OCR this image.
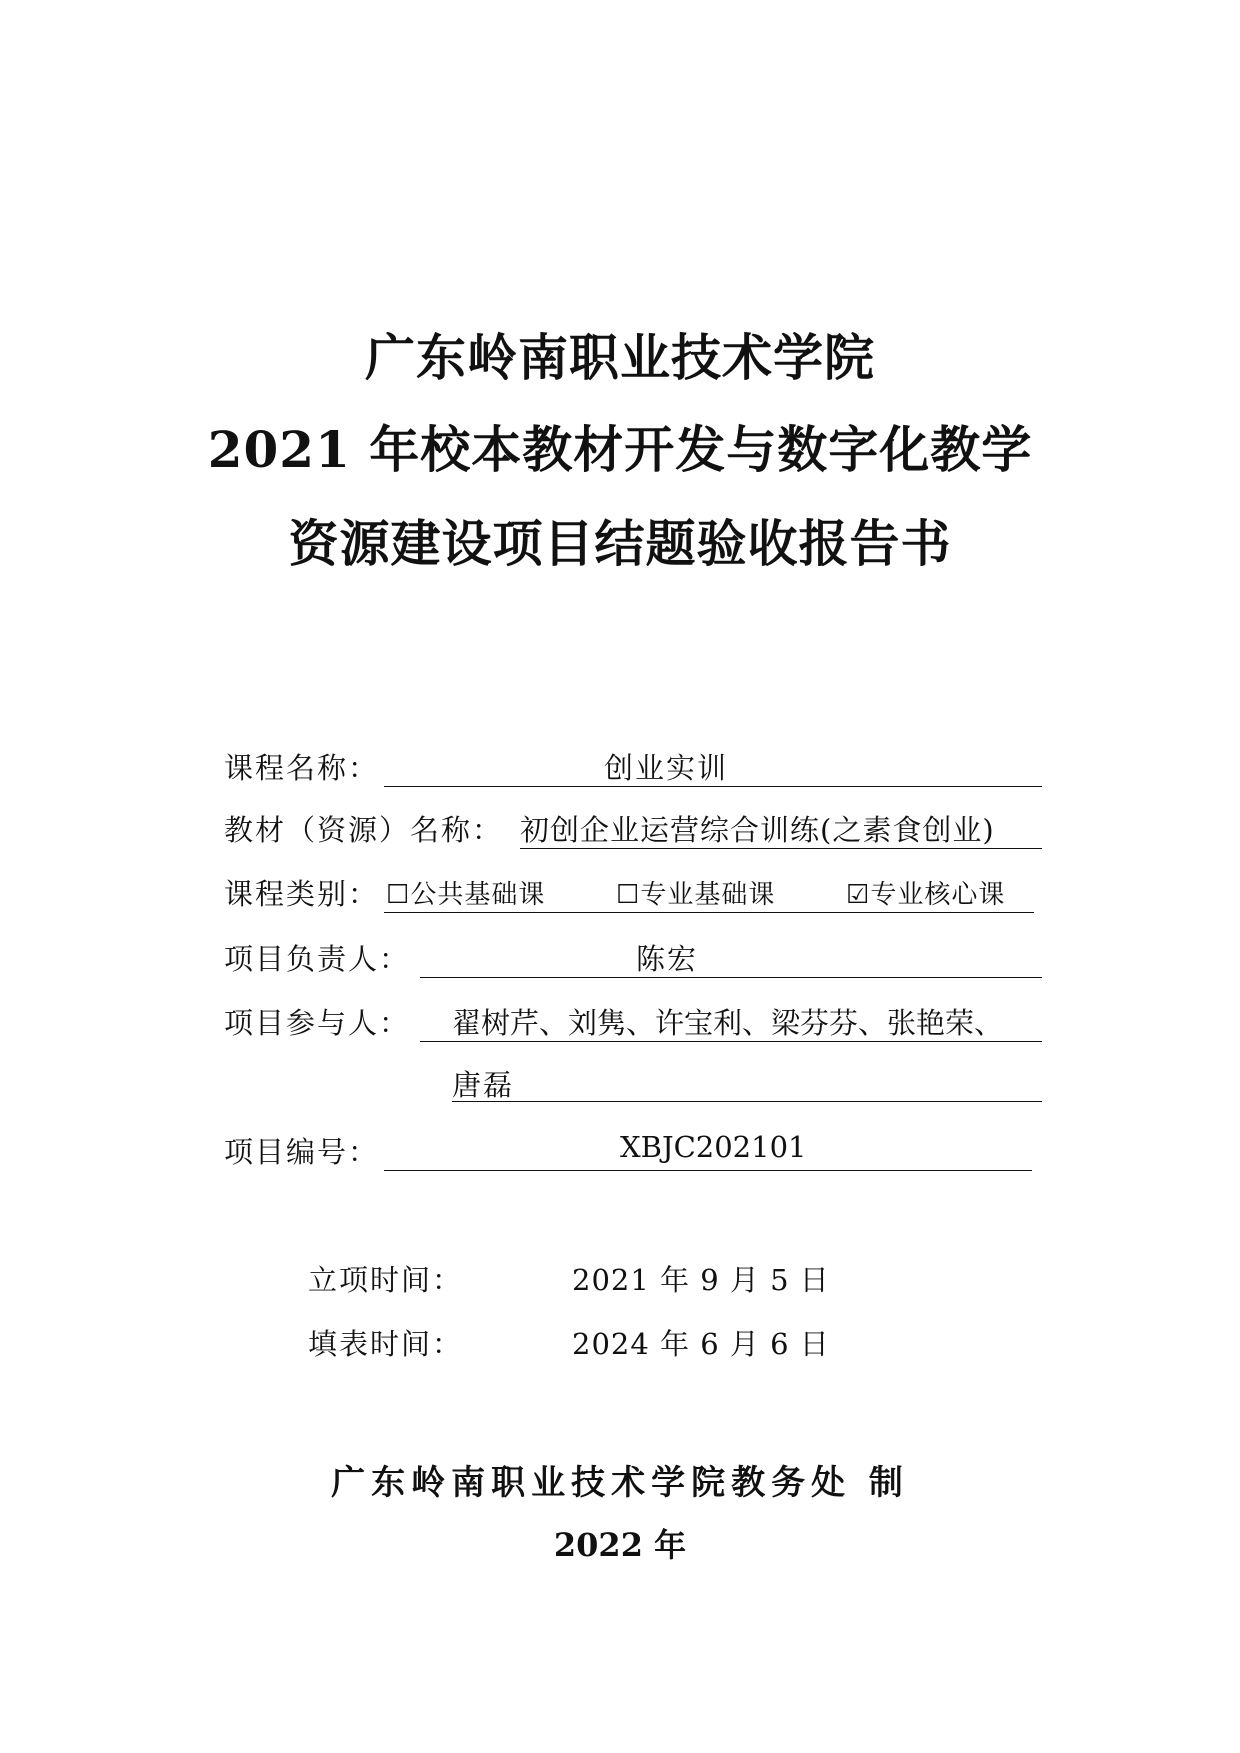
广东岭南职业技术学院
2021 年校本教材开发与数字化教学
资源建设项目结题验收报告书
课程名称：	创业实训
教材（资源）名称： 初创企业运营综合训练(之素食创业)
课程类别： ☐公共基础课	☐专业基础课	☑专业核心课
项目负责人：	陈宏
项目参与人： 翟树芹、刘隽、许宝利、梁芬芬、张艳荣、
唐磊
项目编号：	XBJC202101
立项时间：	2021 年 9 月 5 日
填表时间：	2024 年 6 月 6 日
广东岭南职业技术学院教务处 制
2022 年
